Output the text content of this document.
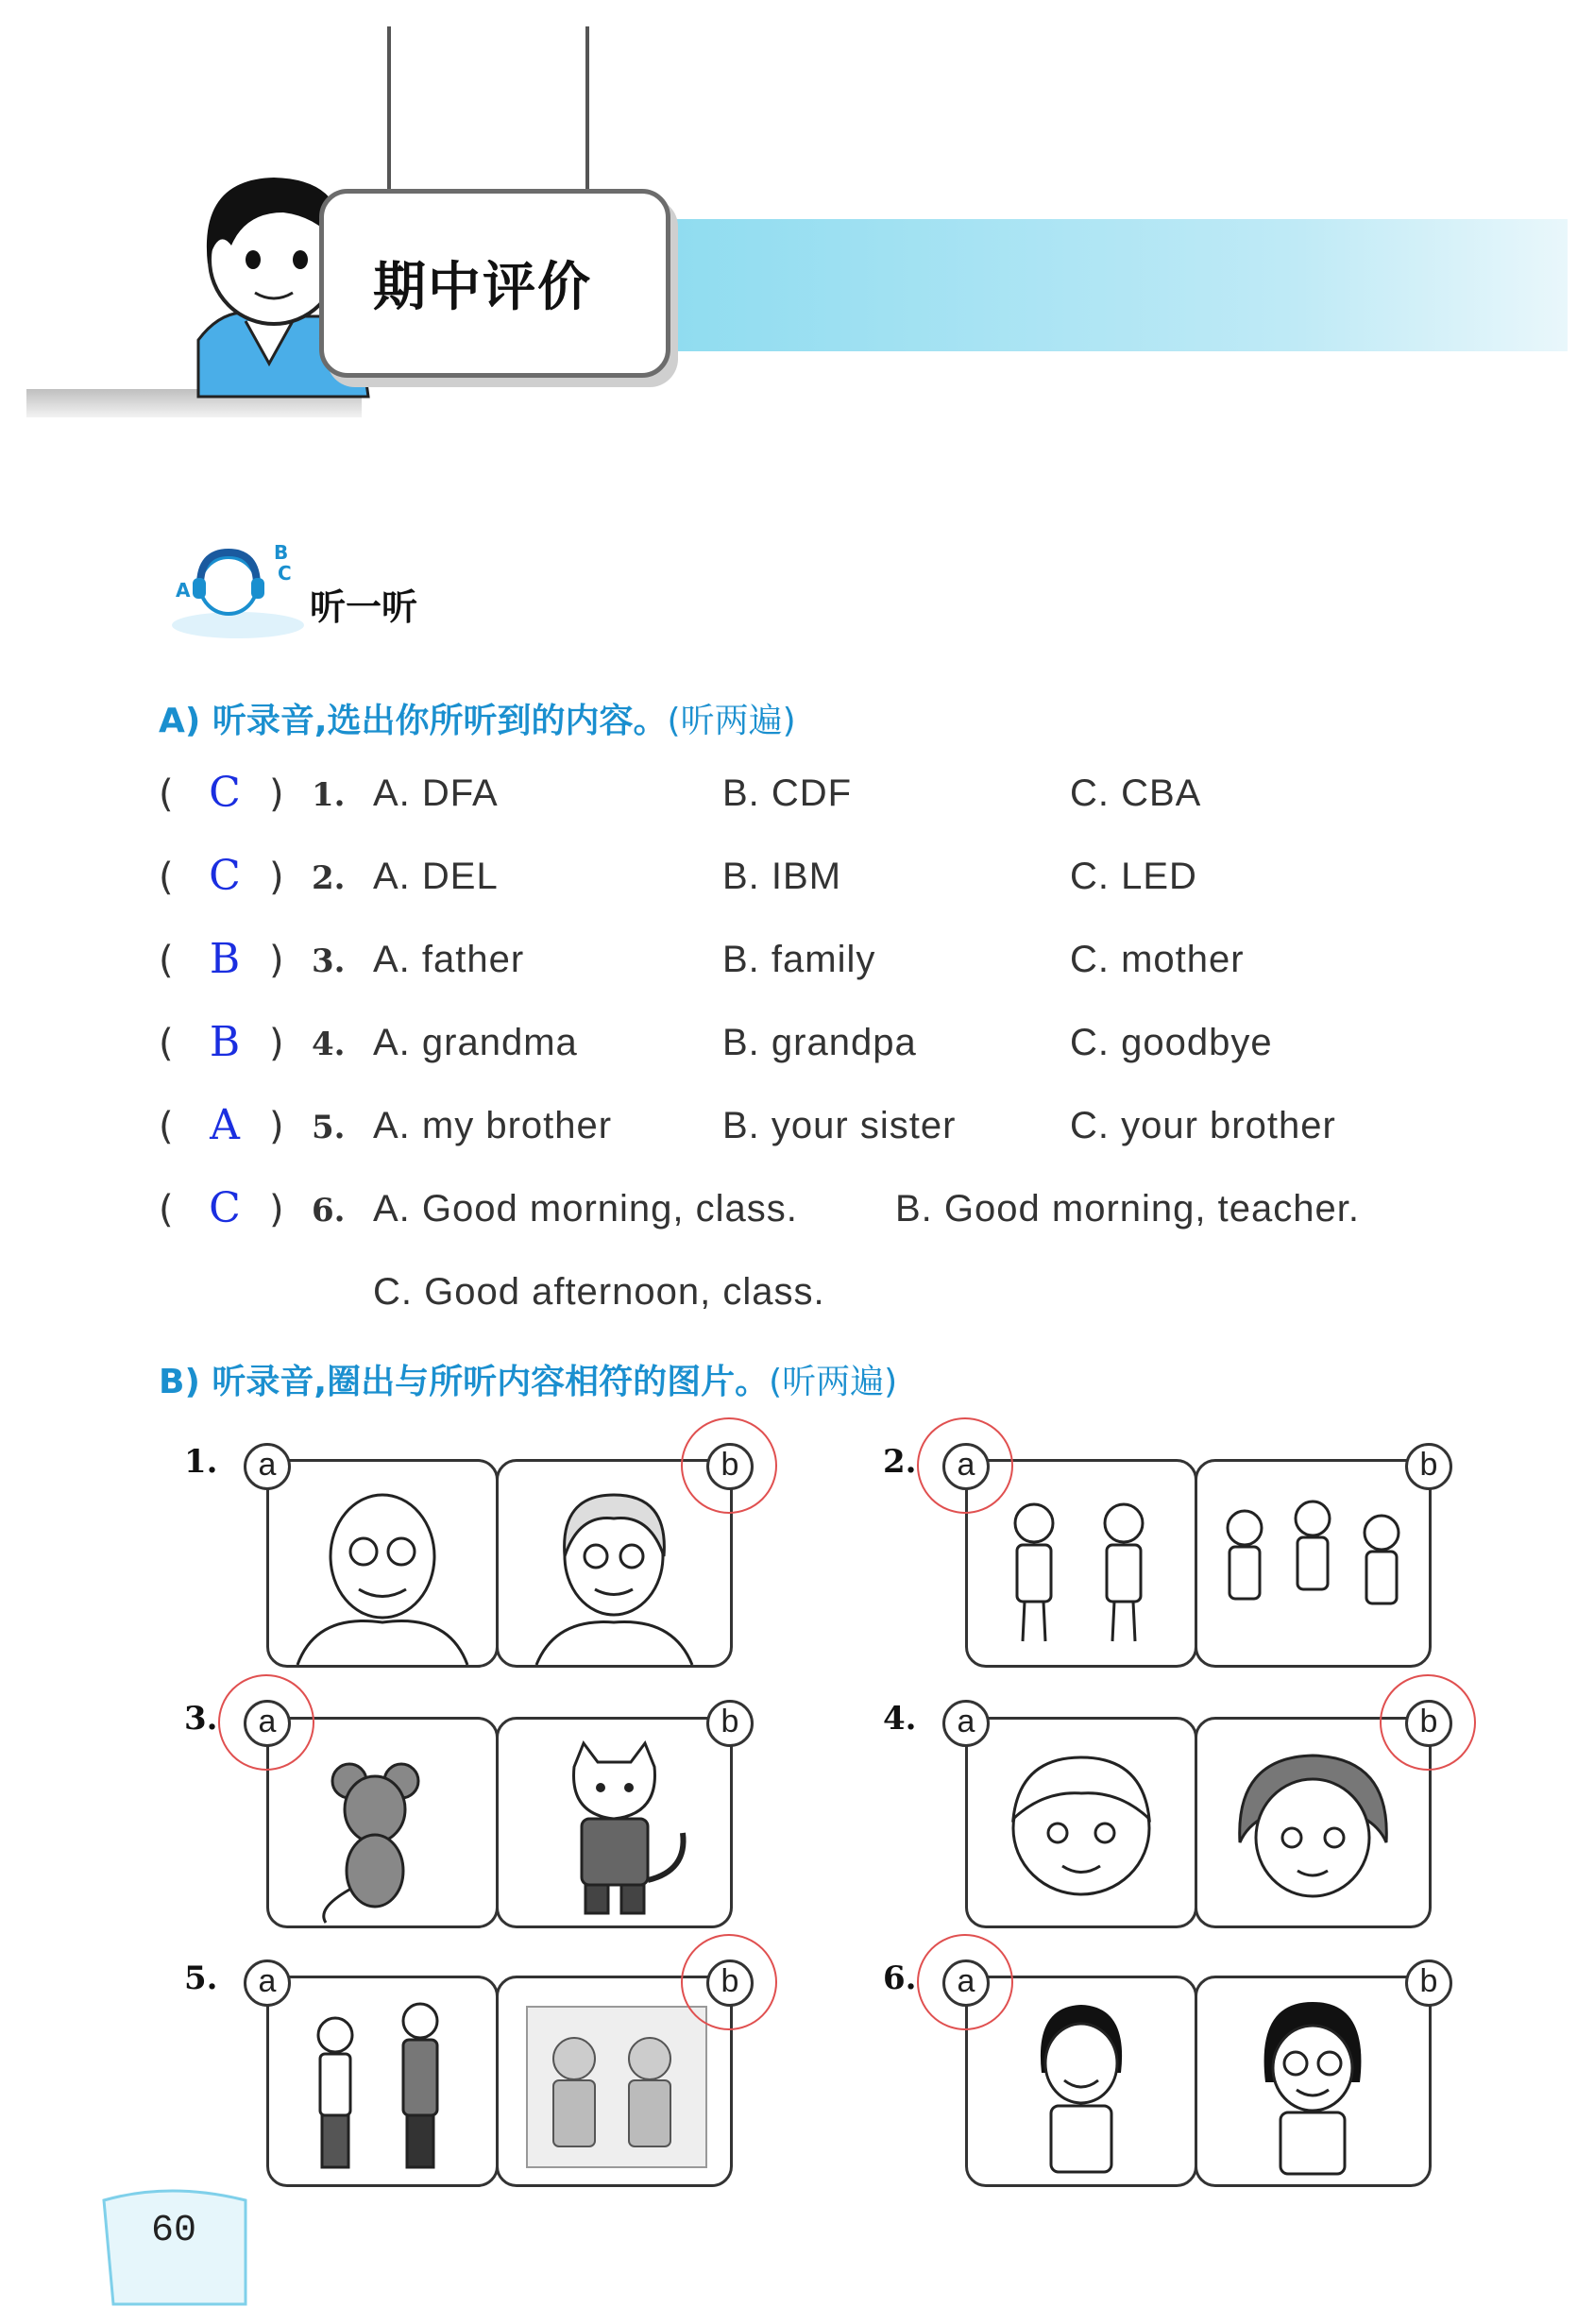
期中评价
B
C
A	听一听
A) 听录音,选出你所听到的内容。(听两遍)
( C ) 1. A. DFA	B. CDF	C. CBA
( C ) 2. A. DEL	B. IBM	C. LED
( B ) 3. A. father	B. family	C. mother
( B ) 4. A. grandma	B. grandpa	C. goodbye
( A ) 5. A. my brother	B. your sister	C. your brother
( C ) 6. A. Good morning, class.	B. Good morning, teacher.
C. Good afternoon, class.
B) 听录音,圈出与所听内容相符的图片。(听两遍)
1.	a	b	2.	a	b
3.	a	b	4.	a	b
5.	a	b	6.	a	b
60
